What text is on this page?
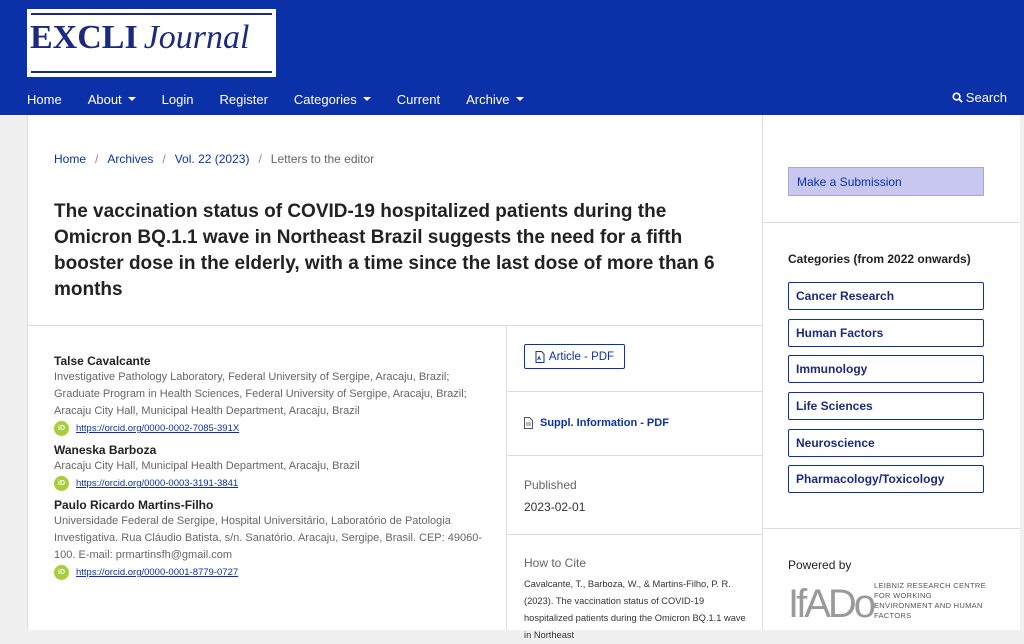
EXCLI Journal
Home About	Login Register Categories	Current Archive	Search
Home / Archives / Vol. 22 (2023) / Letters to the editor
The vaccination status of COVID-19 hospitalized patients during the Omicron BQ.1.1 wave in Northeast Brazil suggests the need for a fifth booster dose in the elderly, with a time since the last dose of more than 6 months
Talse Cavalcante
Investigative Pathology Laboratory, Federal University of Sergipe, Aracaju, Brazil; Graduate Program in Health Sciences, Federal University of Sergipe, Aracaju, Brazil; Aracaju City Hall, Municipal Health Department, Aracaju, Brazil
iD	https://orcid.org/0000-0002-7085-391X
Waneska Barboza
Aracaju City Hall, Municipal Health Department, Aracaju, Brazil
iD	https://orcid.org/0000-0003-3191-3841
Paulo Ricardo Martins-Filho
Universidade Federal de Sergipe, Hospital Universitário, Laboratório de Patologia Investigativa. Rua Cláudio Batista, s/n. Sanatório. Aracaju, Sergipe, Brasil. CEP: 49060-100. E-mail: prmartinsfh@gmail.com
iD	https://orcid.org/0000-0001-8779-0727
Article - PDF
Suppl. Information - PDF
Published
2023-02-01
How to Cite
Cavalcante, T., Barboza, W., & Martins-Filho, P. R. (2023). The vaccination status of COVID-19 hospitalized patients during the Omicron BQ.1.1 wave in Northeast
Make a Submission
Categories (from 2022 onwards)
Cancer Research
Human Factors
Immunology
Life Sciences
Neuroscience
Pharmacology/Toxicology
Powered by
IfADo LEIBNIZ RESEARCH CENTRE FOR WORKING ENVIRONMENT AND HUMAN FACTORS
